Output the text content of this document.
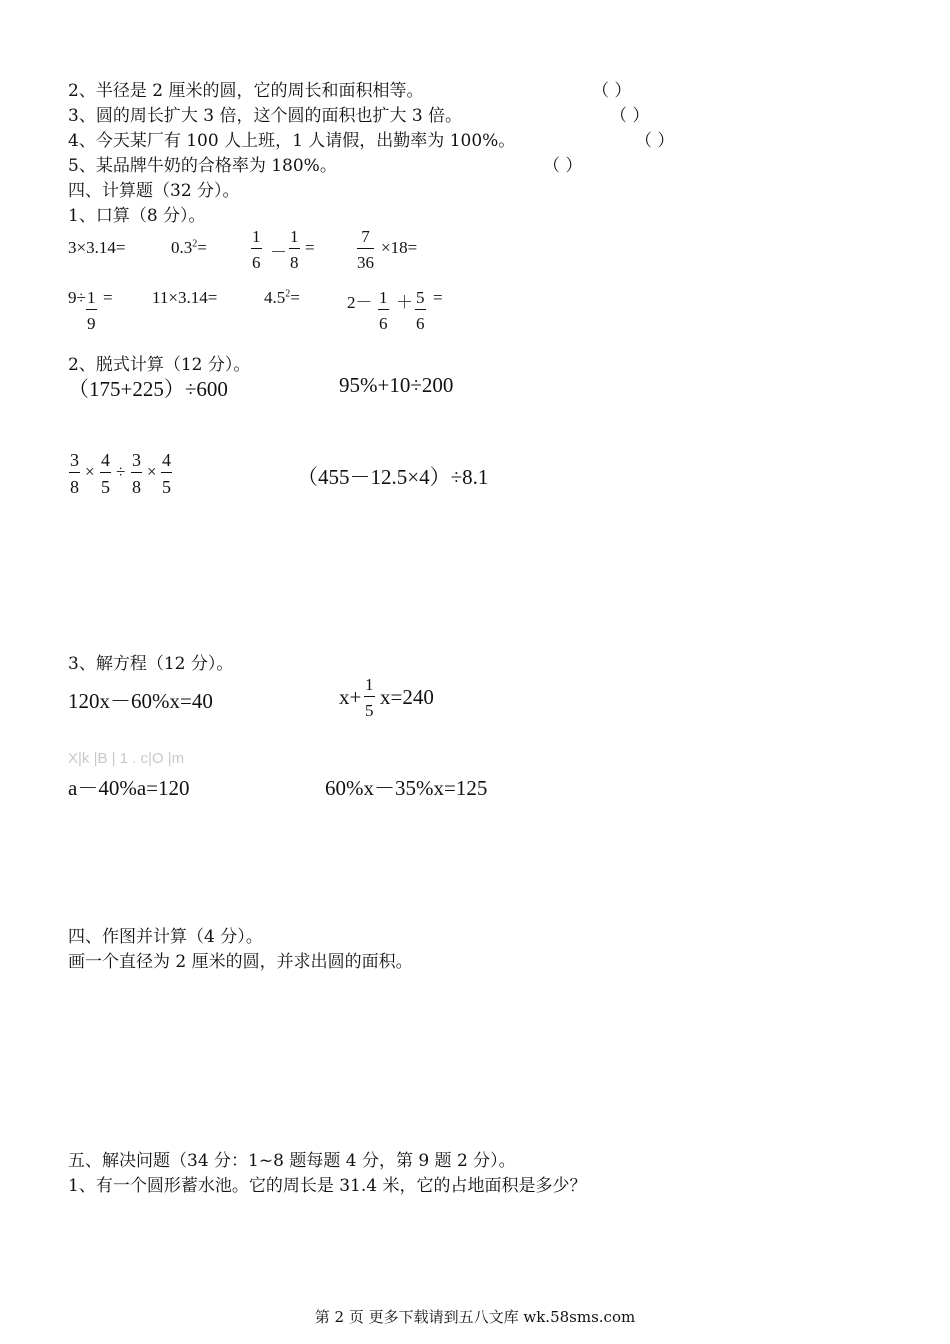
2、半径是 2 厘米的圆，它的周长和面积相等。	（ ）
3、圆的周长扩大 3 倍，这个圆的面积也扩大 3 倍。	（ ）
4、今天某厂有 100 人上班，1 人请假，出勤率为 100%。	（ ）
5、某品牌牛奶的合格率为 180%。	（ ）
四、计算题（32 分）。
1、口算（8 分）。
3×3.14=	$0.3^2=$
1
6
－
1
8
=
7
36
×18=
9÷ 1
9
= 11×3.14=	$4.5^2=$	2－ 1
6
＋ 5
6
=
2、脱式计算（12 分）。
（175+225）÷600	95%+10÷200
3
8
×
4
5
÷
3
8
×
4
5	（455－12.5×4）÷8.1
3、解方程（12 分）。
120x－60%x=40	x+
1
5
x=240
X|k |B | 1 . c|O |m
a－40%a=120	60%x－35%x=125
四、作图并计算（4 分）。
画一个直径为 2 厘米的圆，并求出圆的面积。
五、解决问题（34 分：1~8 题每题 4 分，第 9 题 2 分）。
1、有一个圆形蓄水池。它的周长是 31.4 米，它的占地面积是多少？
第 2 页 更多下载请到五八文库 wk.58sms.com
